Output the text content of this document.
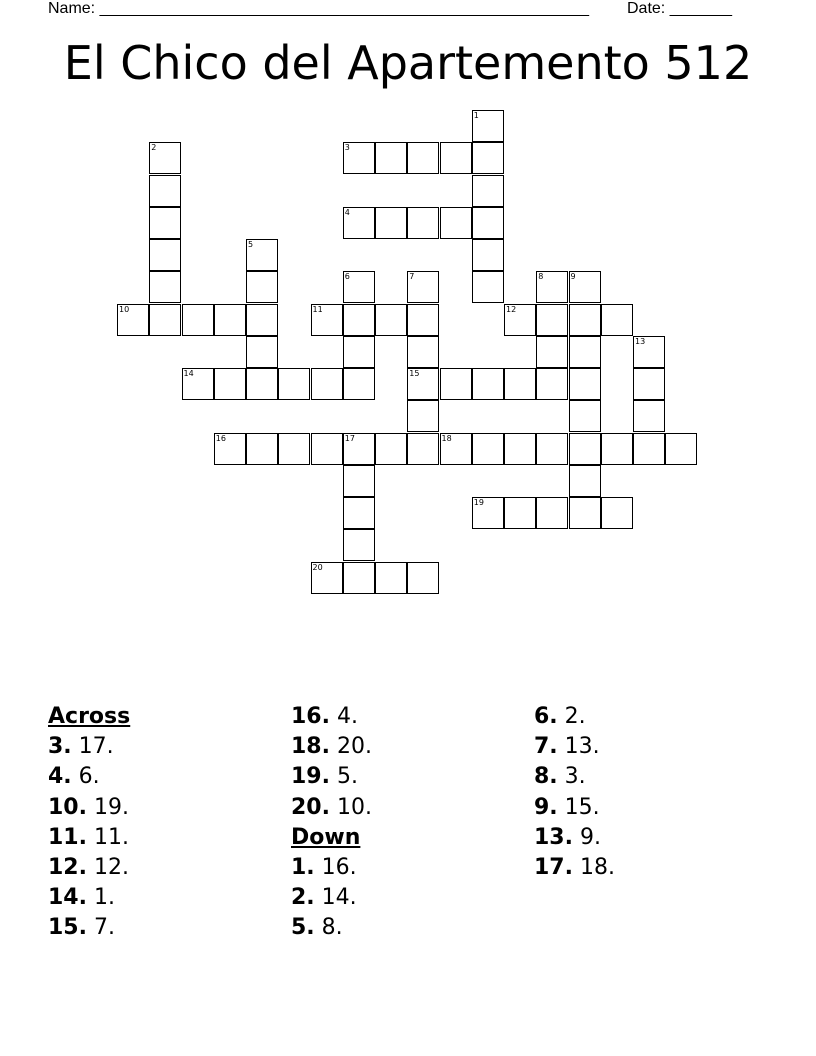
Name: _______________________________________________________ Date: _______
El Chico del Apartemento 512
1
2	3
4
5
6	7
15
8	9
10	11	12
13
14
16	17	18
19
20
Across
3. 17.
4. 6.
10. 19.
11. 11.
12. 12.
14. 1.
15. 7.
16. 4.
18. 20.
19. 5.
20. 10.
Down
1. 16.
2. 14.
5. 8.
6. 2.
7. 13.
8. 3.
9. 15.
13. 9.
17. 18.
